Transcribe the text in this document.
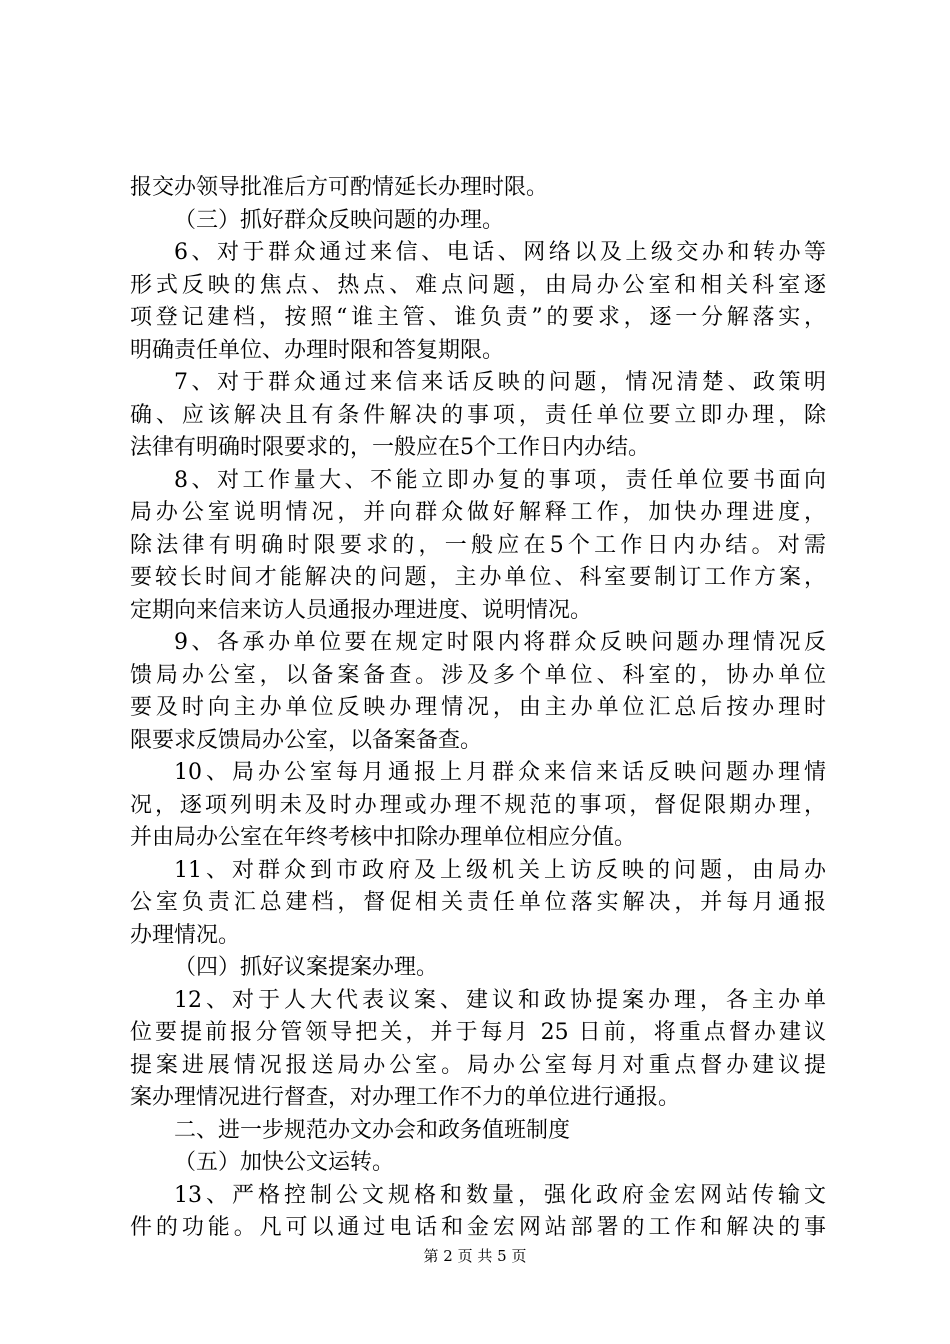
报交办领导批准后方可酌情延长办理时限。
（三）抓好群众反映问题的办理。
6、对于群众通过来信、电话、网络以及上级交办和转办等
形式反映的焦点、热点、难点问题，由局办公室和相关科室逐
项登记建档，按照“谁主管、谁负责”的要求，逐一分解落实，
明确责任单位、办理时限和答复期限。
7、对于群众通过来信来话反映的问题，情况清楚、政策明
确、应该解决且有条件解决的事项，责任单位要立即办理，除
法律有明确时限要求的，一般应在5个工作日内办结。
8、对工作量大、不能立即办复的事项，责任单位要书面向
局办公室说明情况，并向群众做好解释工作，加快办理进度，
除法律有明确时限要求的，一般应在5个工作日内办结。对需
要较长时间才能解决的问题，主办单位、科室要制订工作方案，
定期向来信来访人员通报办理进度、说明情况。
9、各承办单位要在规定时限内将群众反映问题办理情况反
馈局办公室，以备案备查。涉及多个单位、科室的，协办单位
要及时向主办单位反映办理情况，由主办单位汇总后按办理时
限要求反馈局办公室，以备案备查。
10、局办公室每月通报上月群众来信来话反映问题办理情
况，逐项列明未及时办理或办理不规范的事项，督促限期办理，
并由局办公室在年终考核中扣除办理单位相应分值。
11、对群众到市政府及上级机关上访反映的问题，由局办
公室负责汇总建档，督促相关责任单位落实解决，并每月通报
办理情况。
（四）抓好议案提案办理。
12、对于人大代表议案、建议和政协提案办理，各主办单
位要提前报分管领导把关，并于每月 25 日前，将重点督办建议
提案进展情况报送局办公室。局办公室每月对重点督办建议提
案办理情况进行督查，对办理工作不力的单位进行通报。
二、进一步规范办文办会和政务值班制度
（五）加快公文运转。
13、严格控制公文规格和数量，强化政府金宏网站传输文
件的功能。凡可以通过电话和金宏网站部署的工作和解决的事
第 2 页 共 5 页
